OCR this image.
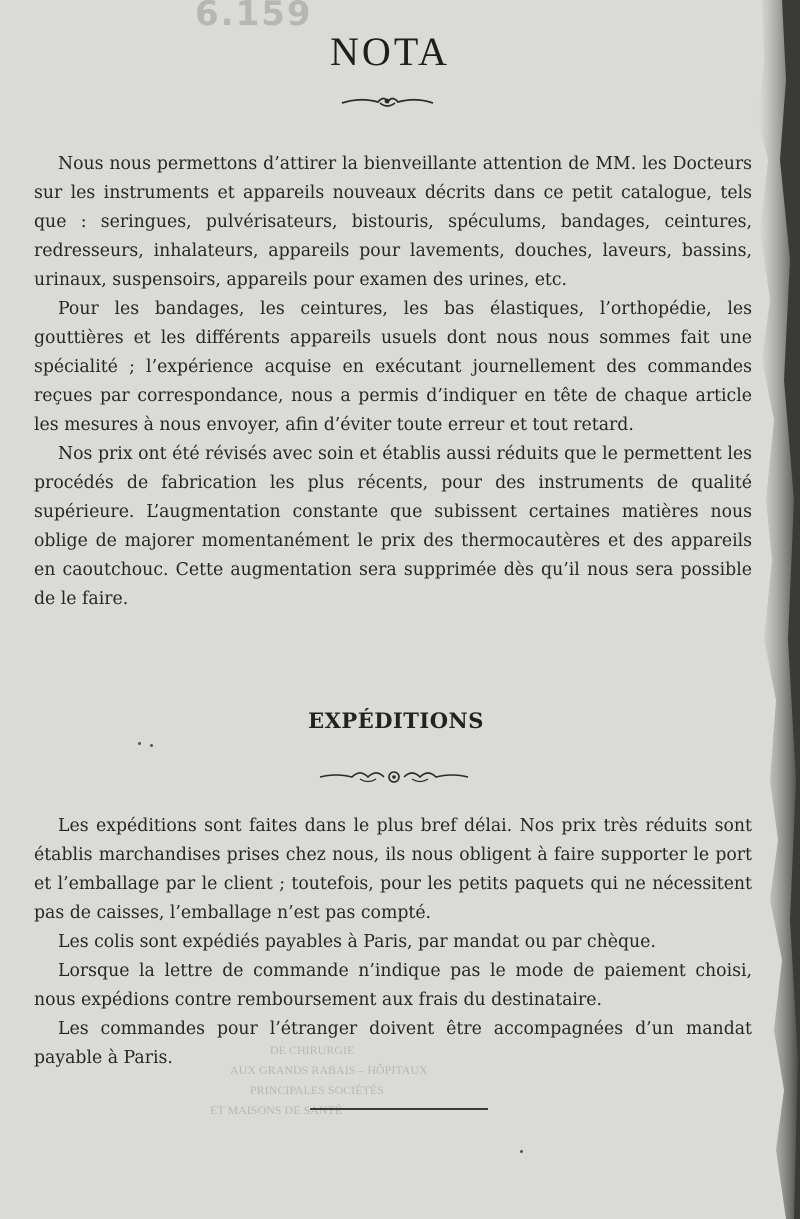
6.159
NOTA

Nous nous permettons d’attirer la bienveillante attention de MM. les Docteurs sur les instruments et appareils nouveaux décrits dans ce petit catalogue, tels que : seringues, pulvérisateurs, bistouris, spéculums, bandages, ceintures, redresseurs, inhalateurs, appareils pour lavements, douches, laveurs, bassins, urinaux, suspensoirs, appareils pour examen des urines, etc.

Pour les bandages, les ceintures, les bas élastiques, l’orthopédie, les gouttières et les différents appareils usuels dont nous nous sommes fait une spécialité ; l’expérience acquise en exécutant journellement des commandes reçues par correspondance, nous a permis d’indiquer en tête de chaque article les mesures à nous envoyer, afin d’éviter toute erreur et tout retard.

Nos prix ont été révisés avec soin et établis aussi réduits que le permettent les procédés de fabrication les plus récents, pour des instruments de qualité supérieure. L’augmentation constante que subissent certaines matières nous oblige de majorer momentanément le prix des thermocautères et des appareils en caoutchouc. Cette augmentation sera supprimée dès qu’il nous sera possible de le faire.

EXPÉDITIONS

Les expéditions sont faites dans le plus bref délai. Nos prix très réduits sont établis marchandises prises chez nous, ils nous obligent à faire supporter le port et l’emballage par le client ; toutefois, pour les petits paquets qui ne nécessitent pas de caisses, l’emballage n’est pas compté.

Les colis sont expédiés payables à Paris, par mandat ou par chèque.

Lorsque la lettre de commande n’indique pas le mode de paiement choisi, nous expédions contre remboursement aux frais du destinataire.

Les commandes pour l’étranger doivent être accompagnées d’un mandat payable à Paris.	DE CHIRURGIE
AUX GRANDS RABAIS – HÔPITAUX
PRINCIPALES SOCIÉTÉS
ET MAISONS DE SANTÉ
